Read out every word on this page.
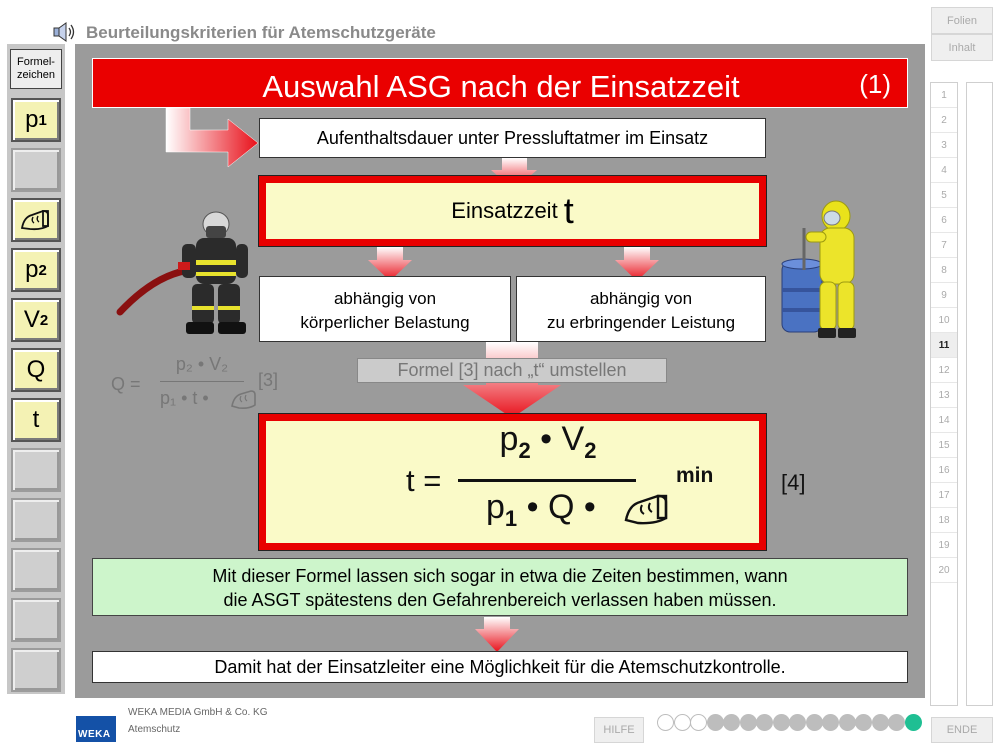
Beurteilungskriterien für Atemschutzgeräte
Folien
Inhalt
Formel-
zeichen
p 1
p 2
V 2
Q
t
Auswahl ASG nach der Einsatzzeit	(1)
Aufenthaltsdauer unter Pressluftatmer im Einsatz
Einsatzzeit t
abhängig von
körperlicher Belastung
abhängig von
zu erbringender Leistung
Q =
p₂ • V₂
p₁ • t •
[3]	Formel [3] nach „t“ umstellen
t =
$p_2$ • $V_2$
$p_1$ • Q •
min	[4]
Mit dieser Formel lassen sich sogar in etwa die Zeiten bestimmen, wann
die ASGT spätestens den Gefahrenbereich verlassen haben müssen.
Damit hat der Einsatzleiter eine Möglichkeit für die Atemschutzkontrolle.
1
2
3
4
5
6
7
8
9
10
11
12
13
14
15
16
17
18
19
20
WEKA
WEKA MEDIA GmbH & Co. KG
Atemschutz	HILFE	ENDE
